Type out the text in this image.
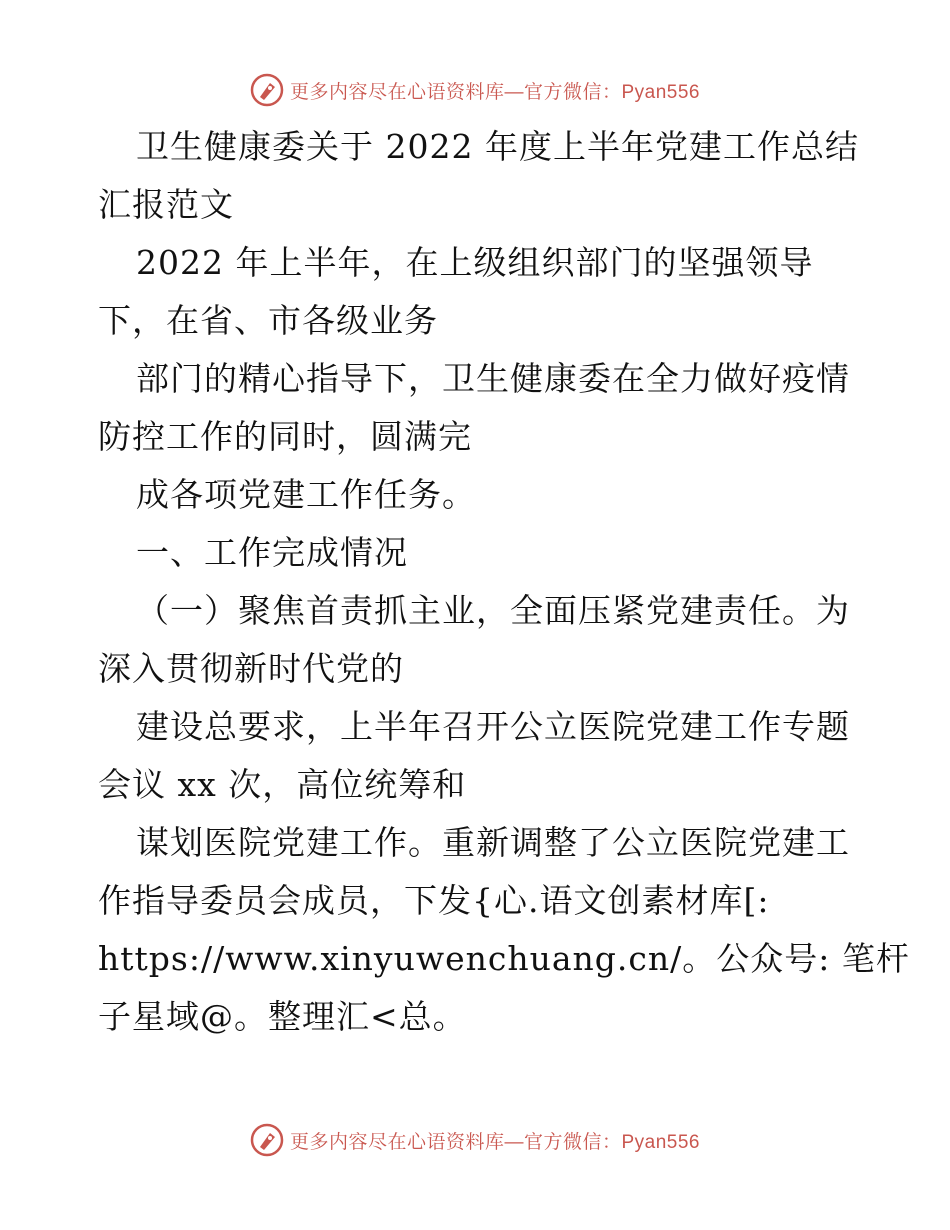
更多内容尽在心语资料库—官方微信：Pyan556
卫生健康委关于 2022 年度上半年党建工作总结
汇报范文
2022 年上半年，在上级组织部门的坚强领导
下，在省、市各级业务
部门的精心指导下，卫生健康委在全力做好疫情
防控工作的同时，圆满完
成各项党建工作任务。
一、工作完成情况
（一）聚焦首责抓主业，全面压紧党建责任。为
深入贯彻新时代党的
建设总要求，上半年召开公立医院党建工作专题
会议 xx 次，高位统筹和
谋划医院党建工作。重新调整了公立医院党建工
作指导委员会成员，下发{心.语文创素材库[:
https://www.xinyuwenchuang.cn/。公众号: 笔杆
子星域@。整理汇<总。
更多内容尽在心语资料库—官方微信：Pyan556
